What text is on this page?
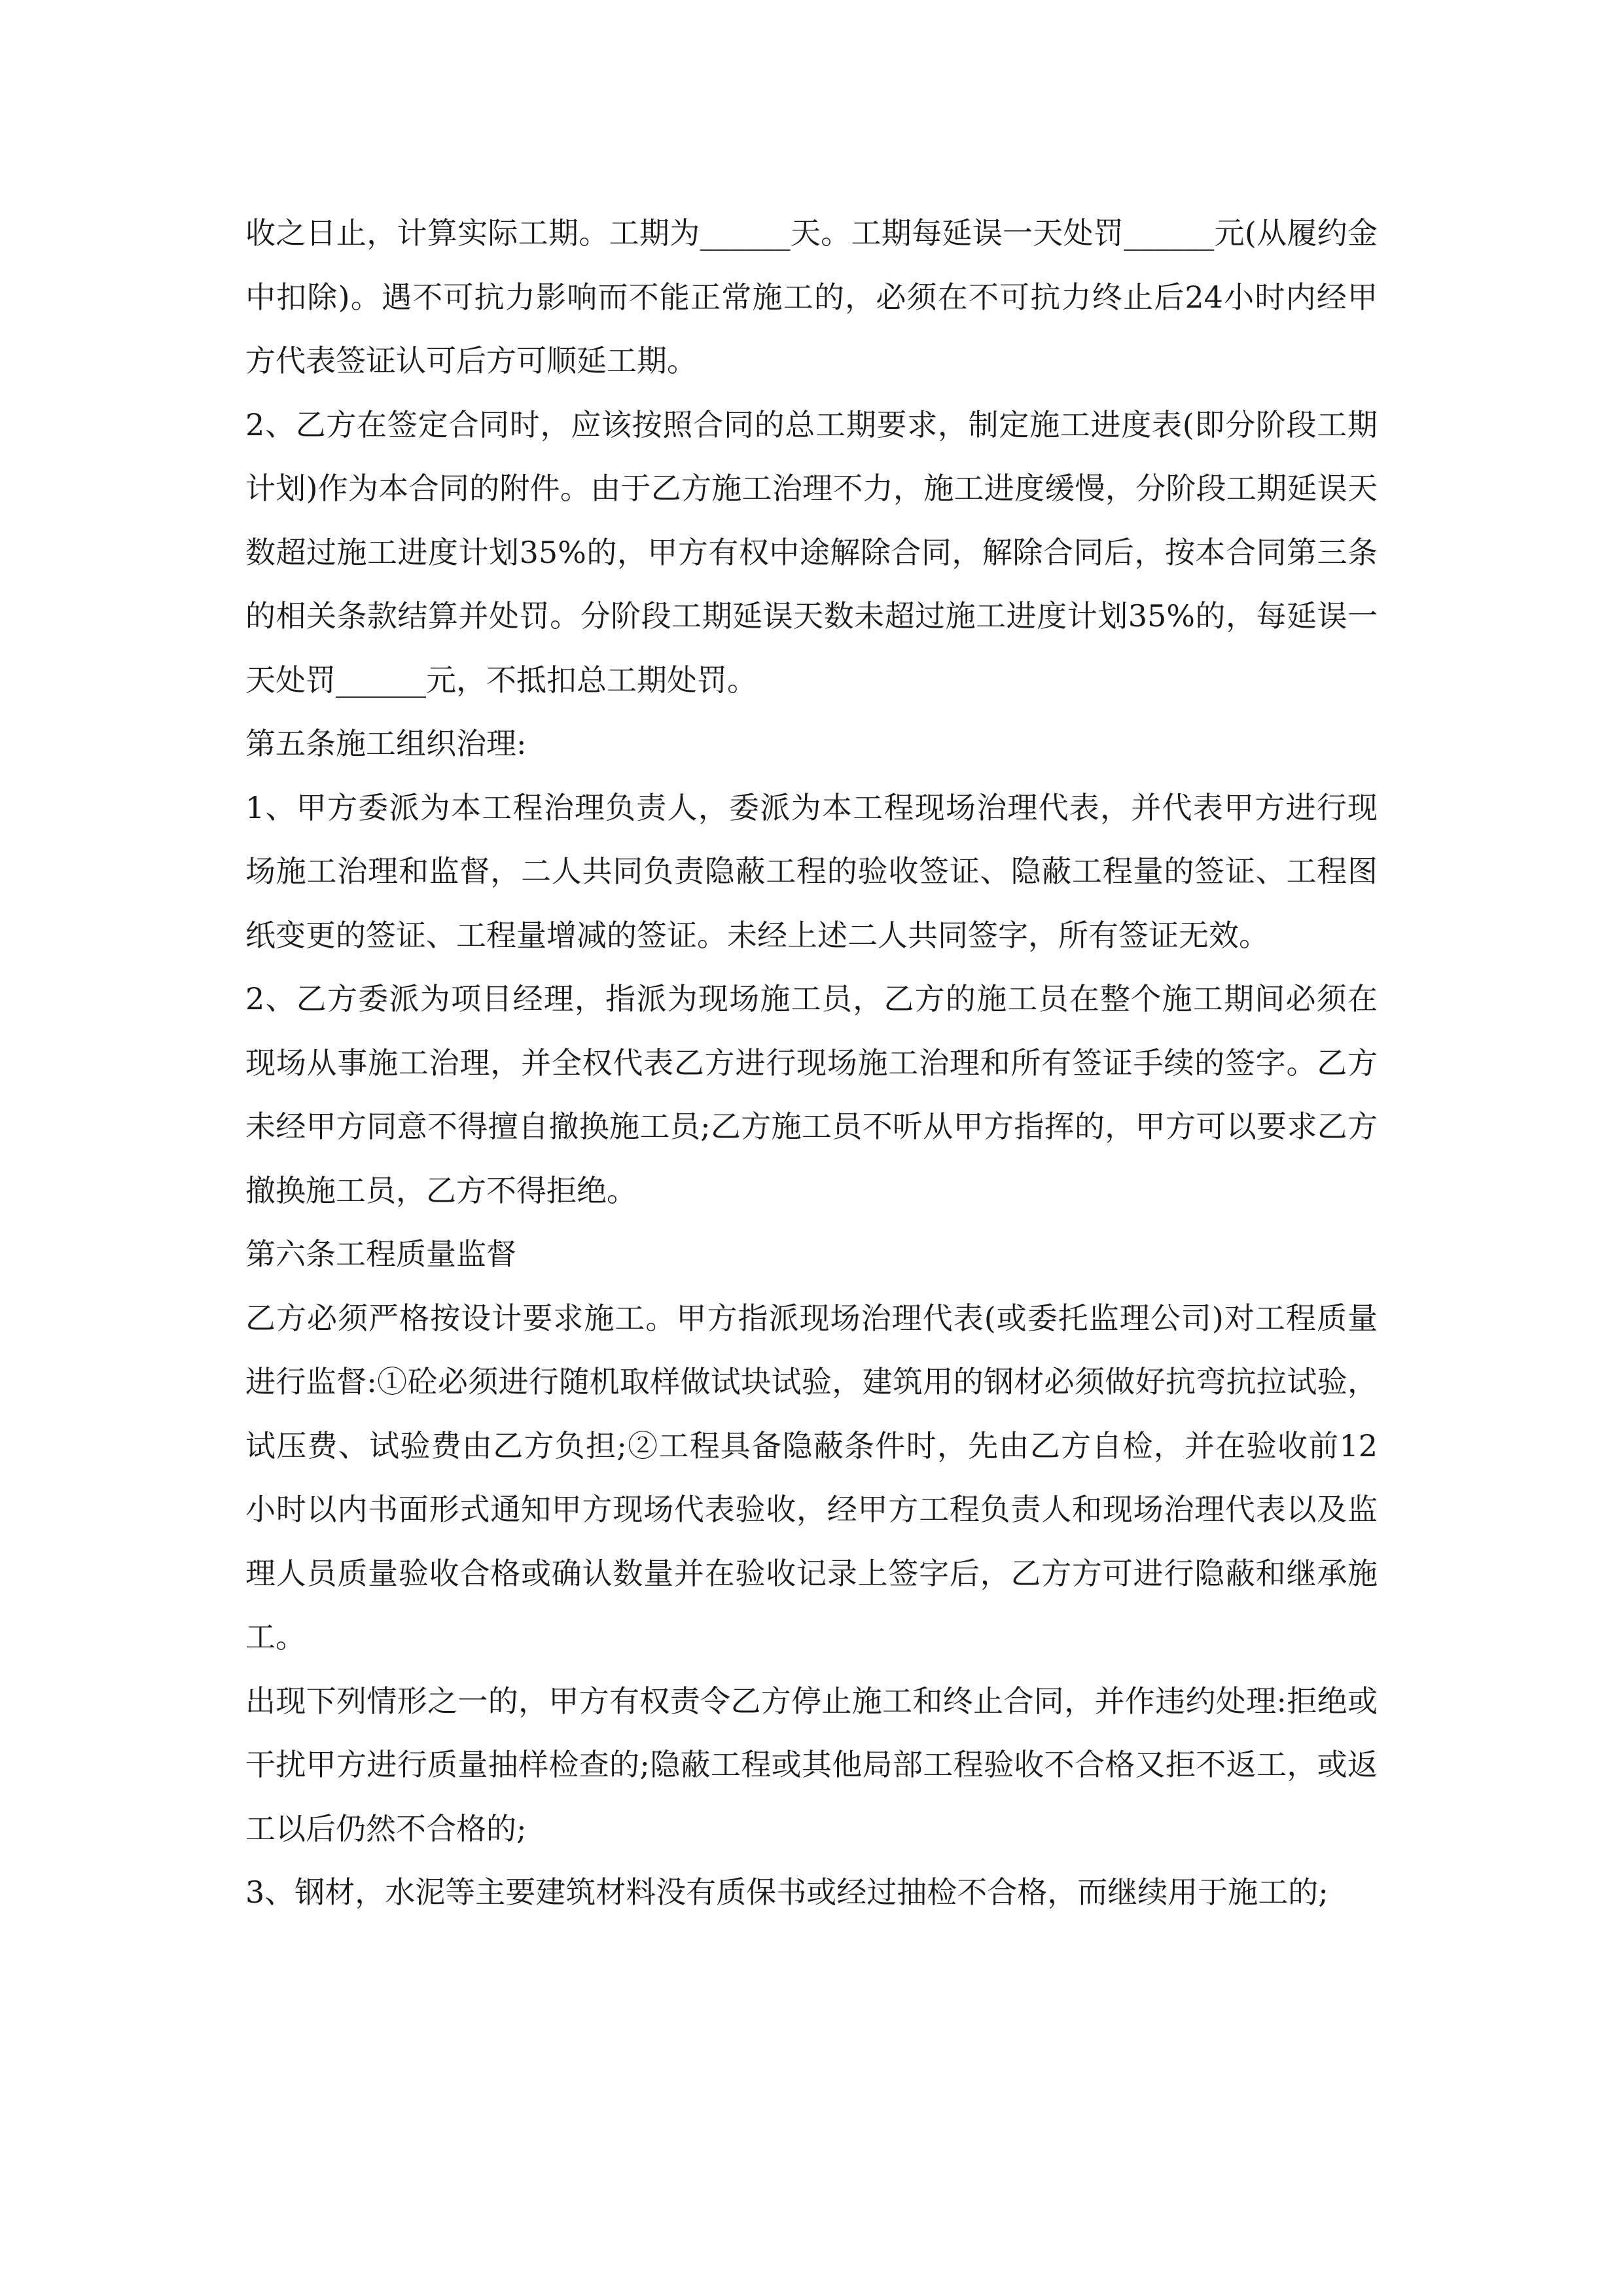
收之日止，计算实际工期。工期为______天。工期每延误一天处罚______元(从履约金中扣除)。遇不可抗力影响而不能正常施工的，必须在不可抗力终止后24小时内经甲方代表签证认可后方可顺延工期。

2、乙方在签定合同时，应该按照合同的总工期要求，制定施工进度表(即分阶段工期计划)作为本合同的附件。由于乙方施工治理不力，施工进度缓慢，分阶段工期延误天数超过施工进度计划35%的，甲方有权中途解除合同，解除合同后，按本合同第三条的相关条款结算并处罚。分阶段工期延误天数未超过施工进度计划35%的，每延误一天处罚______元，不抵扣总工期处罚。

第五条施工组织治理:

1、甲方委派为本工程治理负责人，委派为本工程现场治理代表，并代表甲方进行现场施工治理和监督，二人共同负责隐蔽工程的验收签证、隐蔽工程量的签证、工程图纸变更的签证、工程量增减的签证。未经上述二人共同签字，所有签证无效。

2、乙方委派为项目经理，指派为现场施工员，乙方的施工员在整个施工期间必须在现场从事施工治理，并全权代表乙方进行现场施工治理和所有签证手续的签字。乙方未经甲方同意不得擅自撤换施工员;乙方施工员不听从甲方指挥的，甲方可以要求乙方撤换施工员，乙方不得拒绝。

第六条工程质量监督

乙方必须严格按设计要求施工。甲方指派现场治理代表(或委托监理公司)对工程质量进行监督:①砼必须进行随机取样做试块试验，建筑用的钢材必须做好抗弯抗拉试验，试压费、试验费由乙方负担;②工程具备隐蔽条件时，先由乙方自检，并在验收前12小时以内书面形式通知甲方现场代表验收，经甲方工程负责人和现场治理代表以及监理人员质量验收合格或确认数量并在验收记录上签字后，乙方方可进行隐蔽和继承施工。

出现下列情形之一的，甲方有权责令乙方停止施工和终止合同，并作违约处理:拒绝或干扰甲方进行质量抽样检查的;隐蔽工程或其他局部工程验收不合格又拒不返工，或返工以后仍然不合格的;

3、钢材，水泥等主要建筑材料没有质保书或经过抽检不合格，而继续用于施工的;
